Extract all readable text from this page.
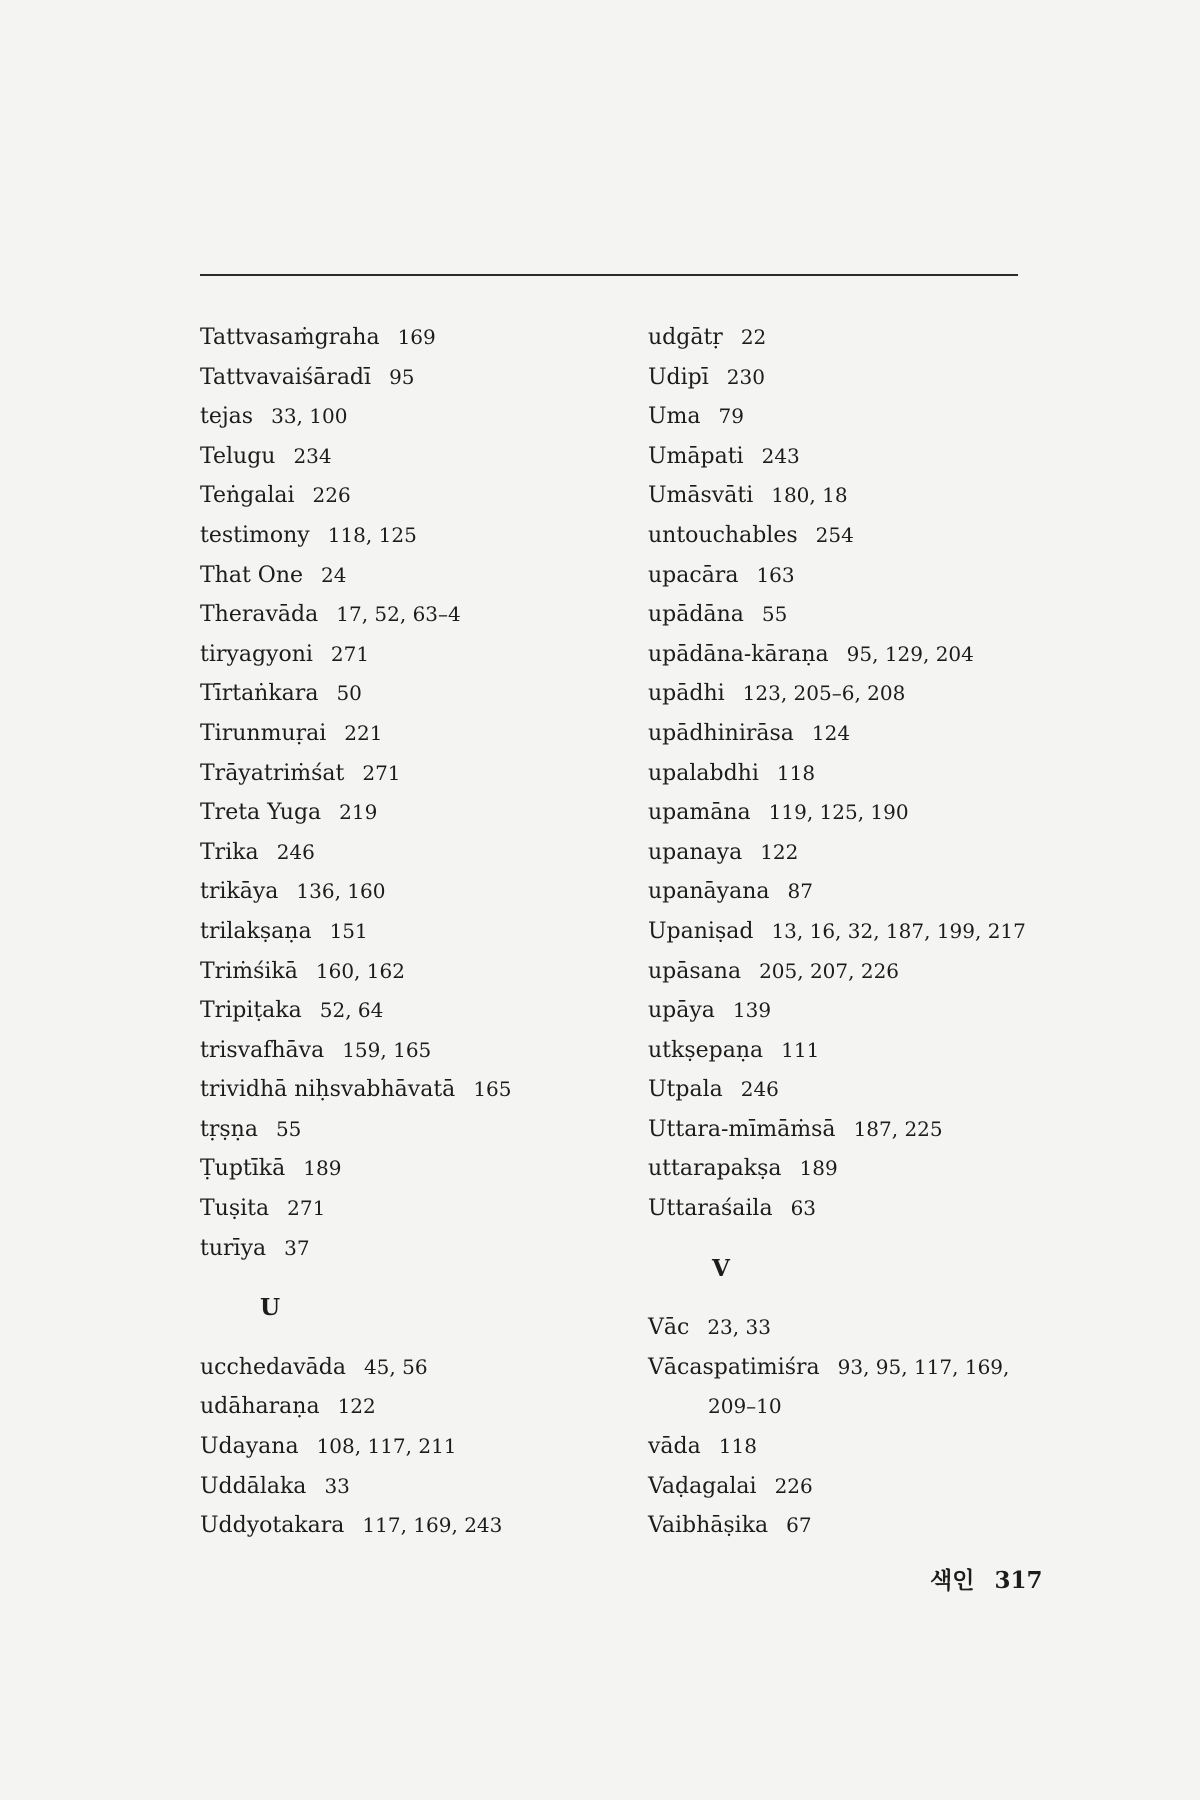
Tattvasaṁgraha 169
Tattvavaiśāradī 95
tejas 33, 100
Telugu 234
Teṅgalai 226
testimony 118, 125
That One 24
Theravāda 17, 52, 63–4
tiryagyoni 271
Tīrtaṅkara 50
Tirunmuṛai 221
Trāyatriṁśat 271
Treta Yuga 219
Trika 246
trikāya 136, 160
trilakṣaṇa 151
Triṁśikā 160, 162
Tripiṭaka 52, 64
trisvafhāva 159, 165
trividhā niḥsvabhāvatā 165
tṛṣṇa 55
Ṭuptīkā 189
Tuṣita 271
turīya 37
U
ucchedavāda 45, 56
udāharaṇa 122
Udayana 108, 117, 211
Uddālaka 33
Uddyotakara 117, 169, 243
udgātṛ 22
Udipī 230
Uma 79
Umāpati 243
Umāsvāti 180, 18
untouchables 254
upacāra 163
upādāna 55
upādāna-kāraṇa 95, 129, 204
upādhi 123, 205–6, 208
upādhinirāsa 124
upalabdhi 118
upamāna 119, 125, 190
upanaya 122
upanāyana 87
Upaniṣad 13, 16, 32, 187, 199, 217
upāsana 205, 207, 226
upāya 139
utkṣepaṇa 111
Utpala 246
Uttara-mīmāṁsā 187, 225
uttarapakṣa 189
Uttaraśaila 63
V
Vāc 23, 33
Vācaspatimiśra 93, 95, 117, 169,
209–10
vāda 118
Vaḍagalai 226
Vaibhāṣika 67
색인 317
